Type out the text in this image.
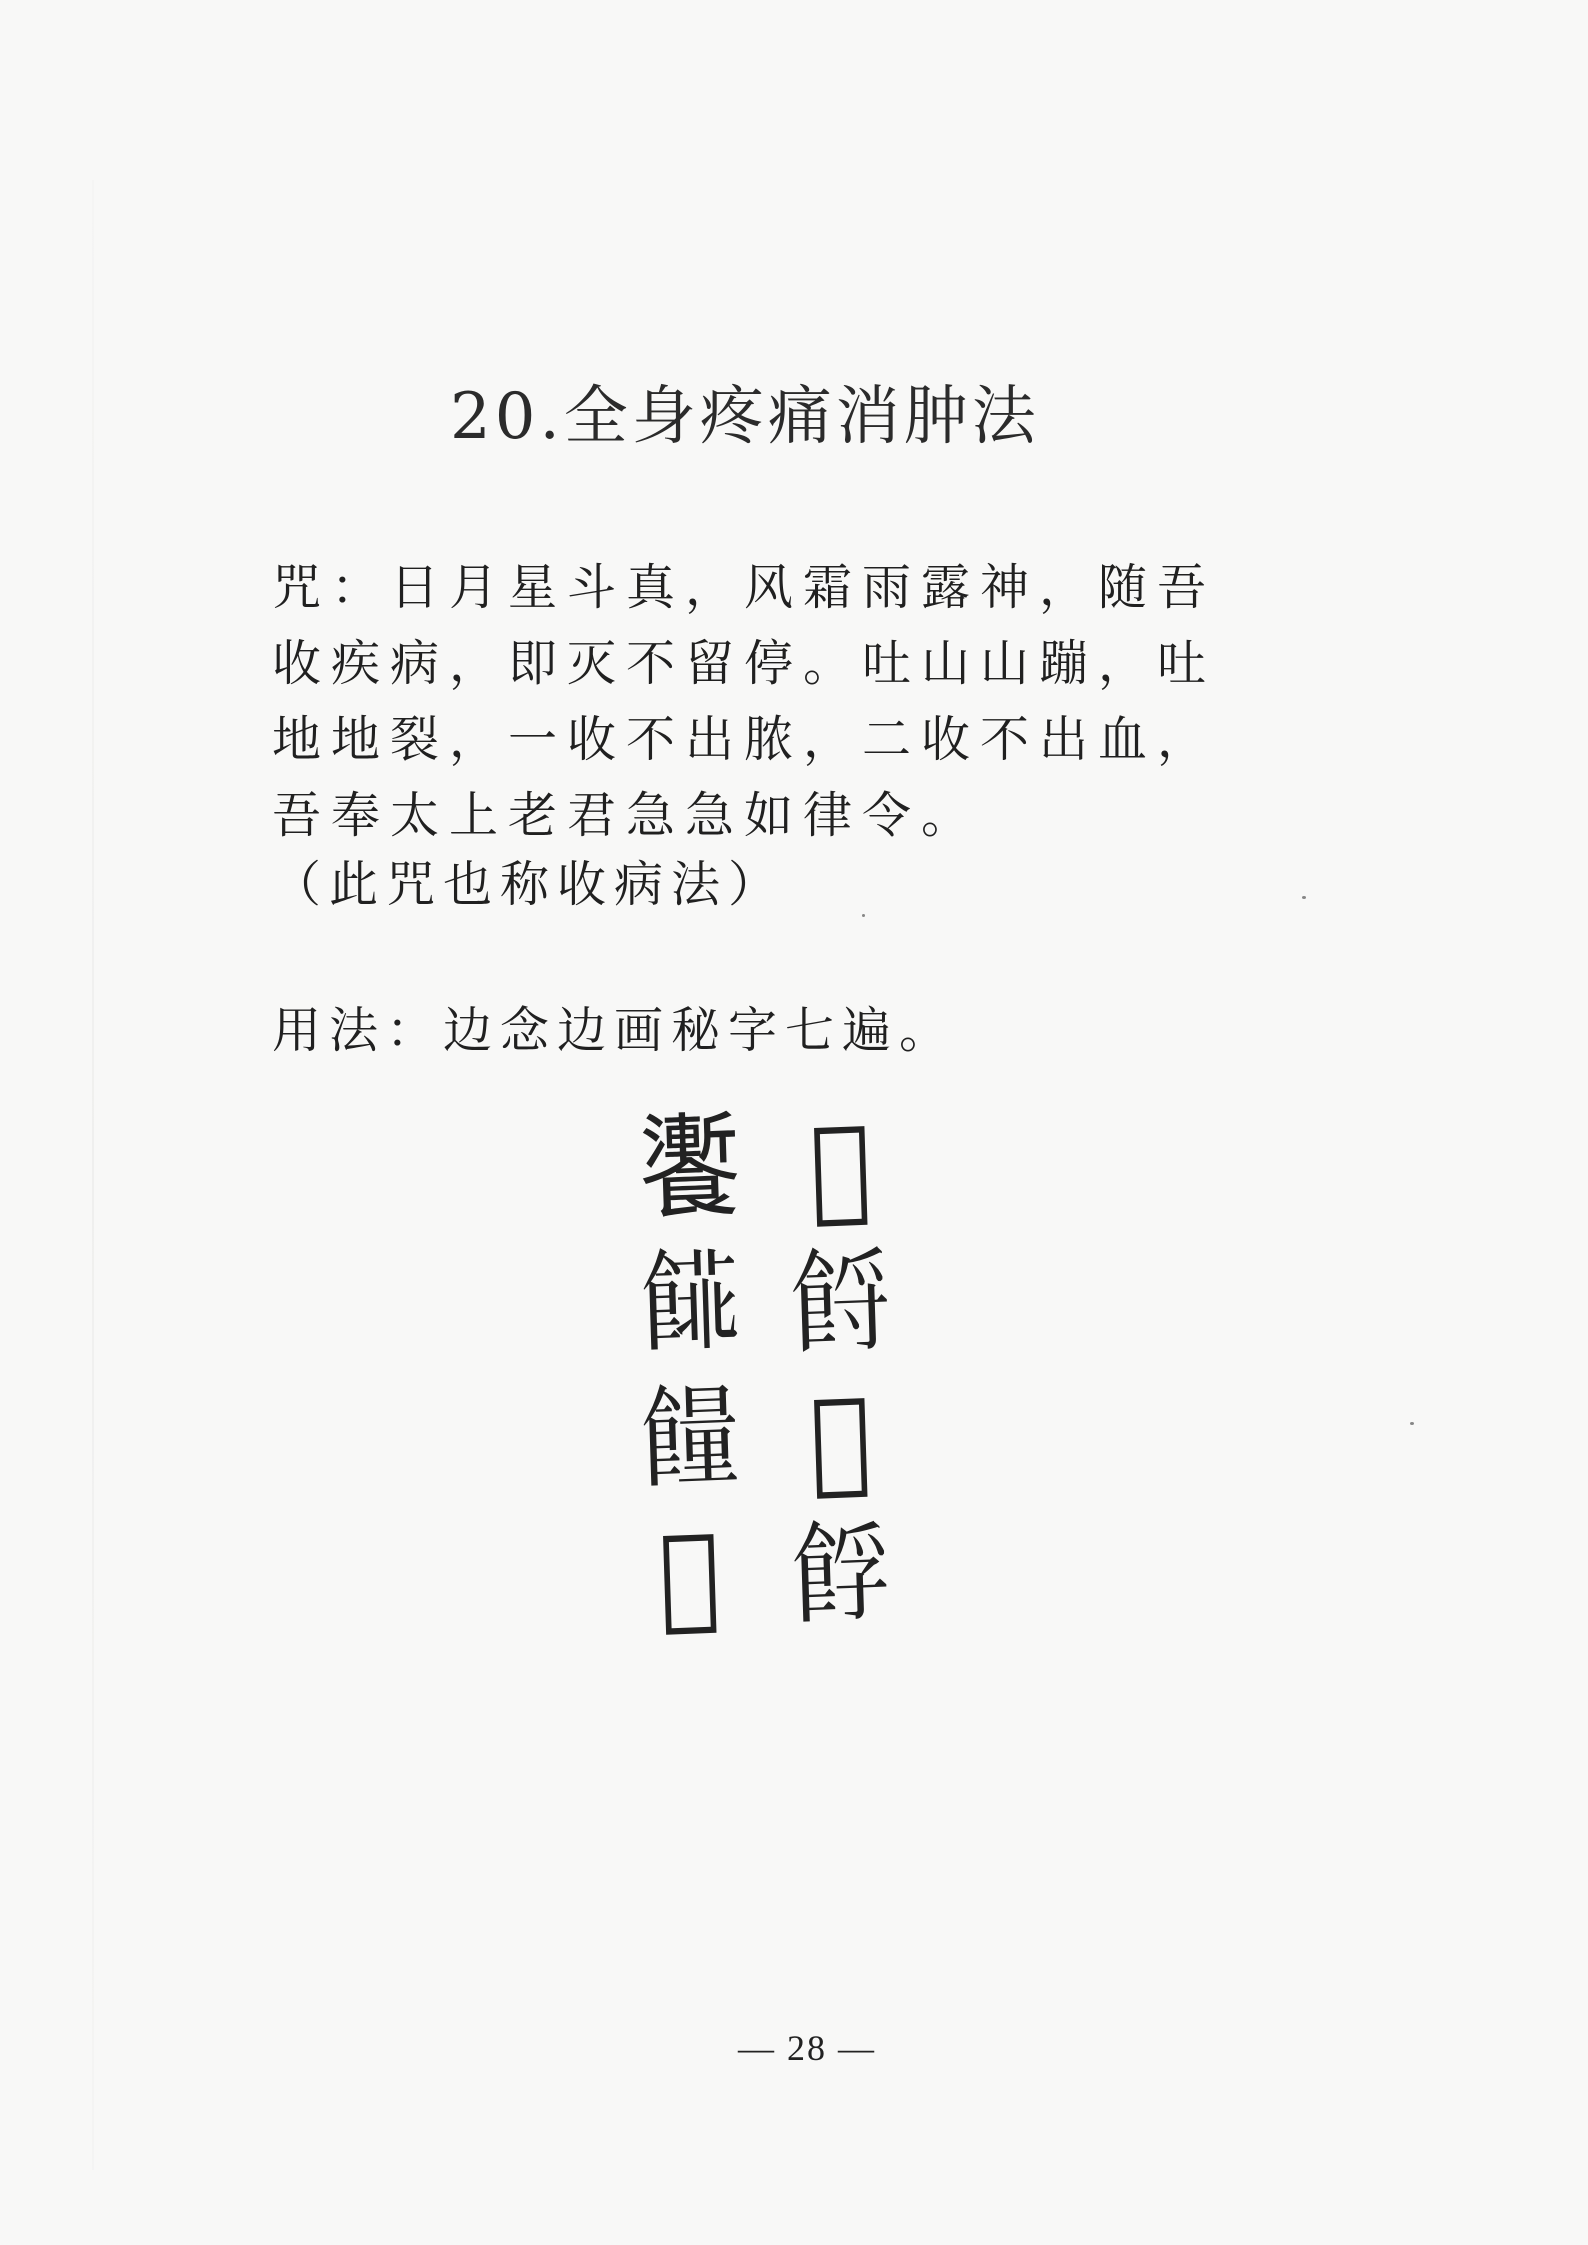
20.全身疼痛消肿法
咒：日月星斗真，风霜雨露神，随吾收疾病，即灭不留停。吐山山蹦，吐地地裂，一收不出脓，二收不出血，吾奉太上老君急急如律令。
（此咒也称收病法）
用法：边念边画秘字七遍。
𩟗 𩠇
𩝨 𩛝
𩞯 𩞴
𩠀 𩛞
— 28 —
